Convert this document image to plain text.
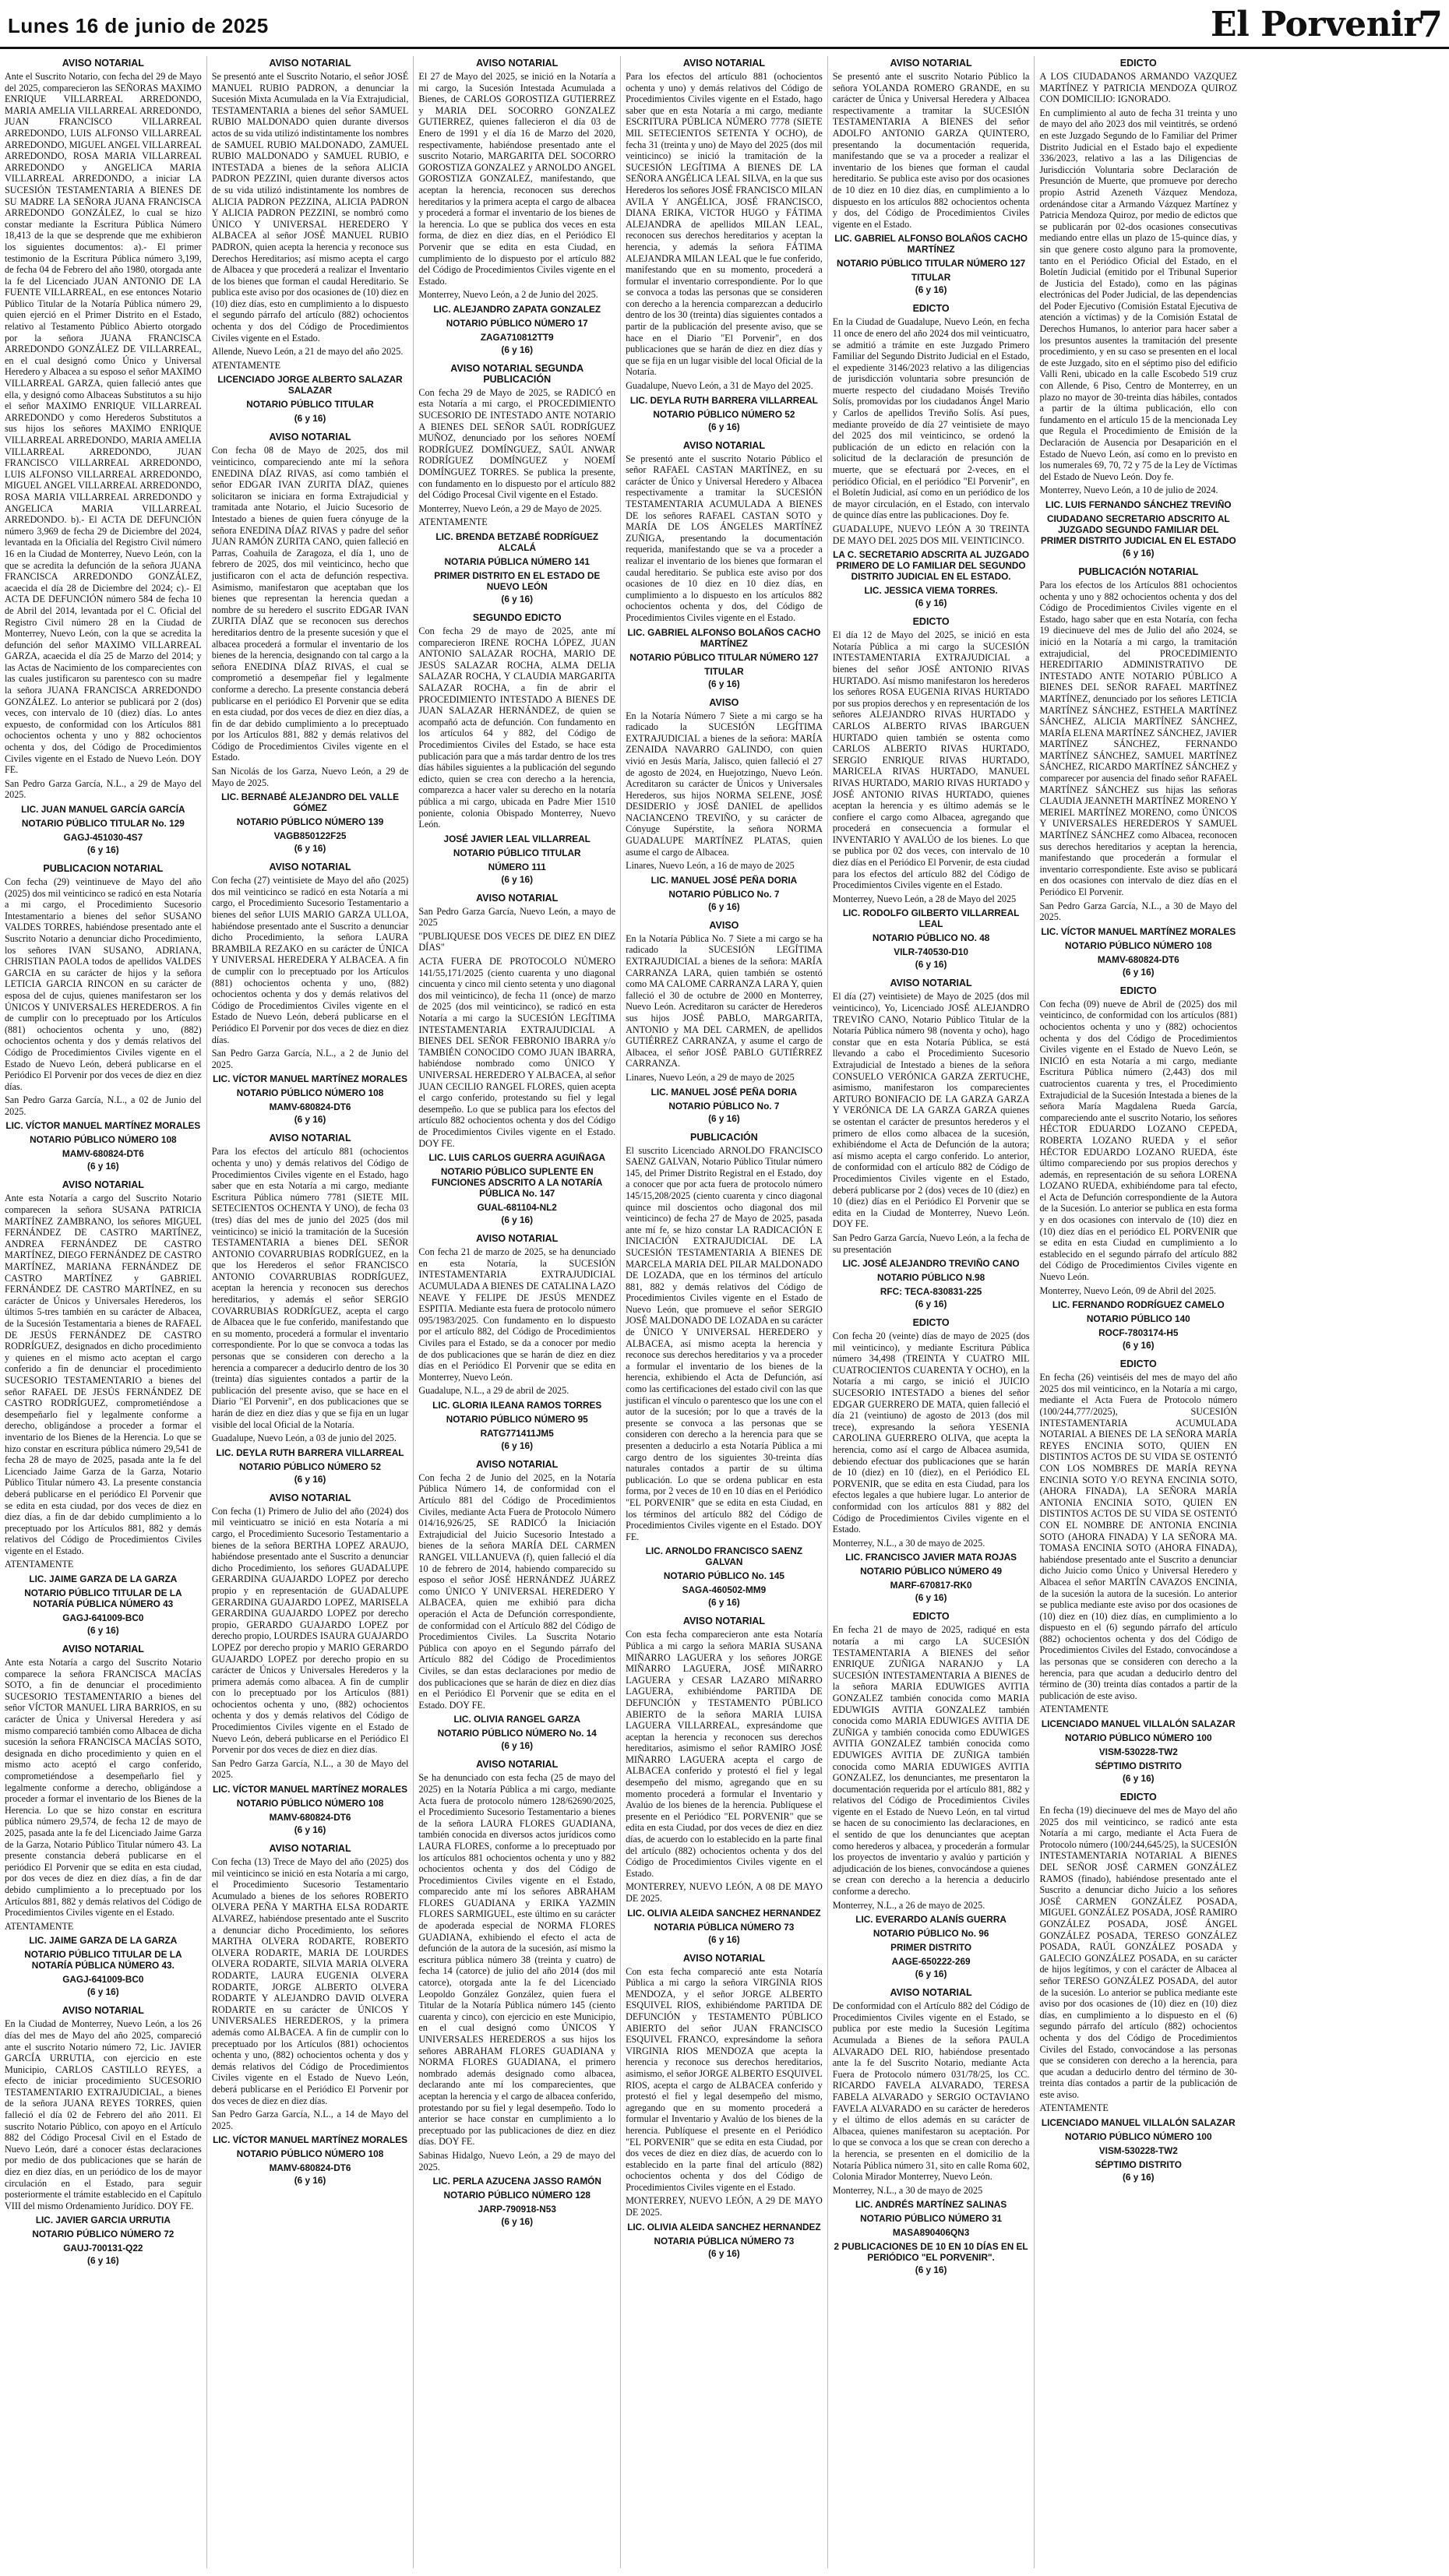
Lunes 16 de junio de 2025	El Porvenir
7
AVISO NOTARIAL

Ante el Suscrito Notario, con fecha del 29 de Mayo del 2025, comparecieron las SEÑORAS MAXIMO ENRIQUE VILLARREAL ARREDONDO, MARIA AMELIA VILLARREAL ARREDONDO, JUAN FRANCISCO VILLARREAL ARREDONDO, LUIS ALFONSO VILLARREAL ARREDONDO, MIGUEL ANGEL VILLARREAL ARREDONDO, ROSA MARIA VILLARREAL ARREDONDO y ANGELICA MARIA VILLARREAL ARREDONDO, a iniciar LA SUCESIÓN TESTAMENTARIA A BIENES DE SU MADRE LA SEÑORA JUANA FRANCISCA ARREDONDO GONZÁLEZ, lo cual se hizo constar mediante la Escritura Pública Número 18,413 de la que se desprende que me exhibieron los siguientes documentos: a).- El primer testimonio de la Escritura Pública número 3,199, de fecha 04 de Febrero del año 1980, otorgada ante la fe del Licenciado JUAN ANTONIO DE LA FUENTE VILLARREAL, en ese entonces Notario Público Titular de la Notaría Pública número 29, quien ejerció en el Primer Distrito en el Estado, relativo al Testamento Público Abierto otorgado por la señora JUANA FRANCISCA ARREDONDO GONZÁLEZ DE VILLARREAL, en el cual designó como Único y Universal Heredero y Albacea a su esposo el señor MAXIMO VILLARREAL GARZA, quien falleció antes que ella, y designó como Albaceas Substitutos a su hijo el señor MAXIMO ENRIQUE VILLARREAL ARREDONDO y como Herederos Substitutos a sus hijos los señores MAXIMO ENRIQUE VILLARREAL ARREDONDO, MARIA AMELIA VILLARREAL ARREDONDO, JUAN FRANCISCO VILLARREAL ARREDONDO, LUIS ALFONSO VILLARREAL ARREDONDO, MIGUEL ANGEL VILLARREAL ARREDONDO, ROSA MARIA VILLARREAL ARREDONDO y ANGELICA MARIA VILLARREAL ARREDONDO. b).- El ACTA DE DEFUNCIÓN número 3,969 de fecha 29 de Diciembre del 2024, levantada en la Oficialía del Registro Civil número 16 en la Ciudad de Monterrey, Nuevo León, con la que se acredita la defunción de la señora JUANA FRANCISCA ARREDONDO GONZÁLEZ, acaecida el día 28 de Diciembre del 2024; c).- El ACTA DE DEFUNCIÓN número 584 de fecha 10 de Abril del 2014, levantada por el C. Oficial del Registro Civil número 28 en la Ciudad de Monterrey, Nuevo León, con la que se acredita la defunción del señor MAXIMO VILLARREAL GARZA, acaecida el día 25 de Marzo del 2014; y las Actas de Nacimiento de los comparecientes con las cuales justificaron su parentesco con su madre la señora JUANA FRANCISCA ARREDONDO GONZÁLEZ. Lo anterior se publicará por 2 (dos) veces, con intervalo de 10 (diez) días. Lo antes expuesto, de conformidad con los Artículos 881 ochocientos ochenta y uno y 882 ochocientos ochenta y dos, del Código de Procedimientos Civiles vigente en el Estado de Nuevo León. DOY FE.

San Pedro Garza García, N.L., a 29 de Mayo del 2025.

LIC. JUAN MANUEL GARCÍA GARCÍA
NOTARIO PÚBLICO TITULAR No. 129
GAGJ-451030-4S7
(6 y 16)
PUBLICACION NOTARIAL

Con fecha (29) veintinueve de Mayo del año (2025) dos mil veinticinco se radicó en esta Notaría a mi cargo, el Procedimiento Sucesorio Intestamentario a bienes del señor SUSANO VALDES TORRES, habiéndose presentado ante el Suscrito Notario a denunciar dicho Procedimiento, los señores IVAN SUSANO, ADRIANA, CHRISTIAN PAOLA todos de apellidos VALDES GARCIA en su carácter de hijos y la señora LETICIA GARCIA RINCON en su carácter de esposa del de cujus, quienes manifestaron ser los ÚNICOS Y UNIVERSALES HEREDEROS. A fin de cumplir con lo preceptuado por los Artículos (881) ochocientos ochenta y uno, (882) ochocientos ochenta y dos y demás relativos del Código de Procedimientos Civiles vigente en el Estado de Nuevo León, deberá publicarse en el Periódico El Porvenir por dos veces de diez en diez días.

San Pedro Garza García, N.L., a 02 de Junio del 2025.

LIC. VÍCTOR MANUEL MARTÍNEZ MORALES
NOTARIO PÚBLICO NÚMERO 108
MAMV-680824-DT6
(6 y 16)
AVISO NOTARIAL

Ante esta Notaría a cargo del Suscrito Notario comparecen la señora SUSANA PATRICIA MARTÍNEZ ZAMBRANO, los señores MIGUEL FERNÁNDEZ DE CASTRO MARTÍNEZ, ANDREA FERNÁNDEZ DE CASTRO MARTÍNEZ, DIEGO FERNÁNDEZ DE CASTRO MARTÍNEZ, MARIANA FERNÁNDEZ DE CASTRO MARTÍNEZ y GABRIEL FERNÁNDEZ DE CASTRO MARTÍNEZ, en su carácter de Únicos y Universales Herederos, los últimos 5-tres también en su carácter de Albacea, de la Sucesión Testamentaria a bienes de RAFAEL DE JESÚS FERNÁNDEZ DE CASTRO RODRÍGUEZ, designados en dicho procedimiento y quienes en el mismo acto aceptan el cargo conferido a fin de denunciar el procedimiento SUCESORIO TESTAMENTARIO a bienes del señor RAFAEL DE JESÚS FERNÁNDEZ DE CASTRO RODRÍGUEZ, comprometiéndose a desempeñarlo fiel y legalmente conforme a derecho, obligándose a proceder a formar el inventario de los Bienes de la Herencia. Lo que se hizo constar en escritura pública número 29,541 de fecha 28 de mayo de 2025, pasada ante la fe del Licenciado Jaime Garza de la Garza, Notario Público Titular número 43. La presente constancia deberá publicarse en el periódico El Porvenir que se edita en esta ciudad, por dos veces de diez en diez días, a fin de dar debido cumplimiento a lo preceptuado por los Artículos 881, 882 y demás relativos del Código de Procedimientos Civiles vigente en el Estado.

ATENTAMENTE

LIC. JAIME GARZA DE LA GARZA
NOTARIO PÚBLICO TITULAR DE LA NOTARÍA PÚBLICA NÚMERO 43
GAGJ-641009-BC0
(6 y 16)
AVISO NOTARIAL

Ante esta Notaría a cargo del Suscrito Notario comparece la señora FRANCISCA MACÍAS SOTO, a fin de denunciar el procedimiento SUCESORIO TESTAMENTARIO a bienes del señor VÍCTOR MANUEL LIRA BARRIOS, en su carácter de Única y Universal Heredera y así mismo compareció también como Albacea de dicha sucesión la señora FRANCISCA MACÍAS SOTO, designada en dicho procedimiento y quien en el mismo acto aceptó el cargo conferido, comprometiéndose a desempeñarlo fiel y legalmente conforme a derecho, obligándose a proceder a formar el inventario de los Bienes de la Herencia. Lo que se hizo constar en escritura pública número 29,574, de fecha 12 de mayo de 2025, pasada ante la fe del Licenciado Jaime Garza de la Garza, Notario Público Titular número 43. La presente constancia deberá publicarse en el periódico El Porvenir que se edita en esta ciudad, por dos veces de diez en diez días, a fin de dar debido cumplimiento a lo preceptuado por los Artículos 881, 882 y demás relativos del Código de Procedimientos Civiles vigente en el Estado.

ATENTAMENTE

LIC. JAIME GARZA DE LA GARZA
NOTARIO PÚBLICO TITULAR DE LA NOTARÍA PÚBLICA NÚMERO 43.
GAGJ-641009-BC0
(6 y 16)
AVISO NOTARIAL

En la Ciudad de Monterrey, Nuevo León, a los 26 días del mes de Mayo del año 2025, compareció ante el suscrito Notario número 72, Lic. JAVIER GARCÍA URRUTIA, con ejercicio en este Municipio, CARLOS CASTILLO REYES, a efecto de iniciar procedimiento SUCESORIO TESTAMENTARIO EXTRAJUDICIAL, a bienes de la señora JUANA REYES TORRES, quien falleció el día 02 de Febrero del año 2011. El suscrito Notario Público, con apoyo en el Artículo 882 del Código Procesal Civil en el Estado de Nuevo León, daré a conocer éstas declaraciones por medio de dos publicaciones que se harán de diez en diez días, en un periódico de los de mayor circulación en el Estado, para seguir posteriormente el trámite establecido en el Capítulo VIII del mismo Ordenamiento Jurídico. DOY FE.

LIC. JAVIER GARCIA URRUTIA
NOTARIO PÚBLICO NÚMERO 72
GAUJ-700131-Q22
(6 y 16)
AVISO NOTARIAL

Se presentó ante el Suscrito Notario, el señor JOSÉ MANUEL RUBIO PADRON, a denunciar la Sucesión Mixta Acumulada en la Vía Extrajudicial, TESTAMENTARIA a bienes del señor SAMUEL RUBIO MALDONADO quien durante diversos actos de su vida utilizó indistintamente los nombres de SAMUEL RUBIO MALDONADO, ZAMUEL RUBIO MALDONADO y SAMUEL RUBIO, e INTESTADA a bienes de la señora ALICIA PADRON PEZZINI, quien durante diversos actos de su vida utilizó indistintamente los nombres de ALICIA PADRON PEZZINA, ALICIA PADRON Y ALICIA PADRON PEZZINI, se nombró como ÚNICO Y UNIVERSAL HEREDERO Y ALBACEA al señor JOSÉ MANUEL RUBIO PADRON, quien acepta la herencia y reconoce sus Derechos Hereditarios; así mismo acepta el cargo de Albacea y que procederá a realizar el Inventario de los bienes que forman el caudal Hereditario. Se publica este aviso por dos ocasiones de (10) diez en (10) diez días, esto en cumplimiento a lo dispuesto el segundo párrafo del artículo (882) ochocientos ochenta y dos del Código de Procedimientos Civiles vigente en el Estado.

Allende, Nuevo León, a 21 de mayo del año 2025.

ATENTAMENTE

LICENCIADO JORGE ALBERTO SALAZAR SALAZAR
NOTARIO PÚBLICO TITULAR
(6 y 16)
AVISO NOTARIAL

Con fecha 08 de Mayo de 2025, dos mil veinticinco, compareciendo ante mí la señora ENEDINA DÍAZ RIVAS, así como también el señor EDGAR IVAN ZURITA DÍAZ, quienes solicitaron se iniciara en forma Extrajudicial y tramitada ante Notario, el Juicio Sucesorio de Intestado a bienes de quien fuera cónyuge de la señora ENEDINA DÍAZ RIVAS y padre del señor JUAN RAMÓN ZURITA CANO, quien falleció en Parras, Coahuila de Zaragoza, el día 1, uno de febrero de 2025, dos mil veinticinco, hecho que justificaron con el acta de defunción respectiva. Asimismo, manifestaron que aceptaban que los bienes que representan la herencia quedan a nombre de su heredero el suscrito EDGAR IVAN ZURITA DÍAZ que se reconocen sus derechos hereditarios dentro de la presente sucesión y que el albacea procederá a formular el inventario de los bienes de la herencia, designando con tal cargo a la señora ENEDINA DÍAZ RIVAS, el cual se comprometió a desempeñar fiel y legalmente conforme a derecho. La presente constancia deberá publicarse en el periódico El Porvenir que se edita en esta ciudad, por dos veces de diez en diez días, a fin de dar debido cumplimiento a lo preceptuado por los Artículos 881, 882 y demás relativos del Código de Procedimientos Civiles vigente en el Estado.

San Nicolás de los Garza, Nuevo León, a 29 de Mayo de 2025.

LIC. BERNABÉ ALEJANDRO DEL VALLE GÓMEZ
NOTARIO PÚBLICO NÚMERO 139
VAGB850122F25
(6 y 16)
AVISO NOTARIAL

Con fecha (27) veintisiete de Mayo del año (2025) dos mil veinticinco se radicó en esta Notaría a mi cargo, el Procedimiento Sucesorio Testamentario a bienes del señor LUIS MARIO GARZA ULLOA, habiéndose presentado ante el Suscrito a denunciar dicho Procedimiento, la señora LAURA BRAMBILA REZAKO en su carácter de ÚNICA Y UNIVERSAL HEREDERA Y ALBACEA. A fin de cumplir con lo preceptuado por los Artículos (881) ochocientos ochenta y uno, (882) ochocientos ochenta y dos y demás relativos del Código de Procedimientos Civiles vigente en el Estado de Nuevo León, deberá publicarse en el Periódico El Porvenir por dos veces de diez en diez días.

San Pedro Garza García, N.L., a 2 de Junio del 2025.

LIC. VÍCTOR MANUEL MARTÍNEZ MORALES
NOTARIO PÚBLICO NÚMERO 108
MAMV-680824-DT6
(6 y 16)
AVISO NOTARIAL

Para los efectos del artículo 881 (ochocientos ochenta y uno) y demás relativos del Código de Procedimientos Civiles vigente en el Estado, hago saber que en esta Notaría a mi cargo, mediante Escritura Pública número 7781 (SIETE MIL SETECIENTOS OCHENTA Y UNO), de fecha 03 (tres) días del mes de junio del 2025 (dos mil veinticinco) se inició la tramitación de la Sucesión TESTAMENTARIA a bienes DEL SEÑOR ANTONIO COVARRUBIAS RODRÍGUEZ, en la que los Herederos el señor FRANCISCO ANTONIO COVARRUBIAS RODRÍGUEZ, aceptan la herencia y reconocen sus derechos hereditarios, y además el señor SERGIO COVARRUBIAS RODRÍGUEZ, acepta el cargo de Albacea que le fue conferido, manifestando que en su momento, procederá a formular el inventario correspondiente. Por lo que se convoca a todas las personas que se consideren con derecho a la herencia a comparecer a deducirlo dentro de los 30 (treinta) días siguientes contados a partir de la publicación del presente aviso, que se hace en el Diario "El Porvenir", en dos publicaciones que se harán de diez en diez días y que se fija en un lugar visible del local Oficial de la Notaría.

Guadalupe, Nuevo León, a 03 de junio del 2025.

LIC. DEYLA RUTH BARRERA VILLARREAL
NOTARIO PÚBLICO NÚMERO 52
(6 y 16)
AVISO NOTARIAL

Con fecha (1) Primero de Julio del año (2024) dos mil veinticuatro se inició en esta Notaría a mi cargo, el Procedimiento Sucesorio Testamentario a bienes de la señora BERTHA LOPEZ ARAUJO, habiéndose presentado ante el Suscrito a denunciar dicho Procedimiento, los señores GUADALUPE GERARDINA GUAJARDO LOPEZ por derecho propio y en representación de GUADALUPE GERARDINA GUAJARDO LOPEZ, MARISELA GERARDINA GUAJARDO LOPEZ por derecho propio, GERARDO GUAJARDO LOPEZ por derecho propio, LOURDES ISAURA GUAJARDO LOPEZ por derecho propio y MARIO GERARDO GUAJARDO LOPEZ por derecho propio en su carácter de Únicos y Universales Herederos y la primera además como albacea. A fin de cumplir con lo preceptuado por los Artículos (881) ochocientos ochenta y uno, (882) ochocientos ochenta y dos y demás relativos del Código de Procedimientos Civiles vigente en el Estado de Nuevo León, deberá publicarse en el Periódico El Porvenir por dos veces de diez en diez días.

San Pedro Garza García, N.L., a 30 de Mayo del 2025.

LIC. VÍCTOR MANUEL MARTÍNEZ MORALES
NOTARIO PÚBLICO NÚMERO 108
MAMV-680824-DT6
(6 y 16)
AVISO NOTARIAL

Con fecha (13) Trece de Mayo del año (2025) dos mil veinticinco se inició en esta Notaría a mi cargo, el Procedimiento Sucesorio Testamentario Acumulado a bienes de los señores ROBERTO OLVERA PEÑA Y MARTHA ELSA RODARTE ALVAREZ, habiéndose presentado ante el Suscrito a denunciar dicho Procedimiento, los señores MARTHA OLVERA RODARTE, ROBERTO OLVERA RODARTE, MARIA DE LOURDES OLVERA RODARTE, SILVIA MARIA OLVERA RODARTE, LAURA EUGENIA OLVERA RODARTE, JORGE ALBERTO OLVERA RODARTE Y ALEJANDRO DAVID OLVERA RODARTE en su carácter de ÚNICOS Y UNIVERSALES HEREDEROS, y la primera además como ALBACEA. A fin de cumplir con lo preceptuado por los Artículos (881) ochocientos ochenta y uno, (882) ochocientos ochenta y dos y demás relativos del Código de Procedimientos Civiles vigente en el Estado de Nuevo León, deberá publicarse en el Periódico El Porvenir por dos veces de diez en diez días.

San Pedro Garza García, N.L., a 14 de Mayo del 2025.

LIC. VÍCTOR MANUEL MARTÍNEZ MORALES
NOTARIO PÚBLICO NÚMERO 108
MAMV-680824-DT6
(6 y 16)
AVISO NOTARIAL

El 27 de Mayo del 2025, se inició en la Notaría a mi cargo, la Sucesión Intestada Acumulada a Bienes, de CARLOS GOROSTIZA GUTIERREZ y MARIA DEL SOCORRO GONZALEZ GUTIERREZ, quienes fallecieron el día 03 de Enero de 1991 y el día 16 de Marzo del 2020, respectivamente, habiéndose presentado ante el suscrito Notario, MARGARITA DEL SOCORRO GOROSTIZA GONZALEZ y ARNOLDO ANGEL GOROSTIZA GONZALEZ, manifestando, que aceptan la herencia, reconocen sus derechos hereditarios y la primera acepta el cargo de albacea y procederá a formar el inventario de los bienes de la herencia. Lo que se publica dos veces en esta forma, de diez en diez días, en el Periódico El Porvenir que se edita en esta Ciudad, en cumplimiento de lo dispuesto por el artículo 882 del Código de Procedimientos Civiles vigente en el Estado.

Monterrey, Nuevo León, a 2 de Junio del 2025.

LIC. ALEJANDRO ZAPATA GONZALEZ
NOTARIO PÚBLICO NÚMERO 17
ZAGA710812TT9
(6 y 16)
AVISO NOTARIAL SEGUNDA PUBLICACIÓN

Con fecha 29 de Mayo de 2025, se RADICÓ en esta Notaría a mi cargo, el PROCEDIMIENTO SUCESORIO DE INTESTADO ANTE NOTARIO A BIENES DEL SEÑOR SAÚL RODRÍGUEZ MUÑOZ, denunciado por los señores NOEMÍ RODRÍGUEZ DOMÍNGUEZ, SAÚL ANWAR RODRÍGUEZ DOMÍNGUEZ y NOEMÍ DOMÍNGUEZ TORRES. Se publica la presente, con fundamento en lo dispuesto por el artículo 882 del Código Procesal Civil vigente en el Estado.

Monterrey, Nuevo León, a 29 de Mayo de 2025.

ATENTAMENTE

LIC. BRENDA BETZABÉ RODRÍGUEZ ALCALÁ
NOTARIA PÚBLICA NÚMERO 141
PRIMER DISTRITO EN EL ESTADO DE NUEVO LEÓN
(6 y 16)
SEGUNDO EDICTO

Con fecha 29 de mayo de 2025, ante mí comparecieron IRENE ROCHA LÓPEZ, JUAN ANTONIO SALAZAR ROCHA, MARIO DE JESÚS SALAZAR ROCHA, ALMA DELIA SALAZAR ROCHA, Y CLAUDIA MARGARITA SALAZAR ROCHA, a fin de abrir el PROCEDIMIENTO INTESTADO A BIENES DE JUAN SALAZAR HERNÁNDEZ, de quien se acompañó acta de defunción. Con fundamento en los artículos 64 y 882, del Código de Procedimientos Civiles del Estado, se hace esta publicación para que a más tardar dentro de los tres días hábiles siguientes a la publicación del segundo edicto, quien se crea con derecho a la herencia, comparezca a hacer valer su derecho en la notaría pública a mi cargo, ubicada en Padre Mier 1510 poniente, colonia Obispado Monterrey, Nuevo León.

JOSÉ JAVIER LEAL VILLARREAL
NOTARIO PÚBLICO TITULAR
NÚMERO 111
(6 y 16)
AVISO NOTARIAL

San Pedro Garza García, Nuevo León, a mayo de 2025

"PUBLIQUESE DOS VECES DE DIEZ EN DIEZ DÍAS"

ACTA FUERA DE PROTOCOLO NÚMERO 141/55,171/2025 (ciento cuarenta y uno diagonal cincuenta y cinco mil ciento setenta y uno diagonal dos mil veinticinco), de fecha 11 (once) de marzo de 2025 (dos mil veinticinco), se radicó en esta Notaría a mi cargo la SUCESIÓN LEGÍTIMA INTESTAMENTARIA EXTRAJUDICIAL A BIENES DEL SEÑOR FEBRONIO IBARRA y/o TAMBIÉN CONOCIDO COMO JUAN IBARRA, habiéndose nombrado como ÚNICO Y UNIVERSAL HEREDERO Y ALBACEA, al señor JUAN CECILIO RANGEL FLORES, quien acepta el cargo conferido, protestando su fiel y legal desempeño. Lo que se publica para los efectos del artículo 882 ochocientos ochenta y dos del Código de Procedimientos Civiles vigente en el Estado. DOY FE.

LIC. LUIS CARLOS GUERRA AGUIÑAGA
NOTARIO PÚBLICO SUPLENTE EN FUNCIONES ADSCRITO A LA NOTARÍA PÚBLICA No. 147
GUAL-681104-NL2
(6 y 16)
AVISO NOTARIAL

Con fecha 21 de marzo de 2025, se ha denunciado en esta Notaría, la SUCESIÓN INTESTAMENTARIA EXTRAJUDICIAL ACUMULADA A BIENES DE CATALINA LAZO NEAVE Y FELIPE DE JESÚS MENDEZ ESPITIA. Mediante esta fuera de protocolo número 095/1983/2025. Con fundamento en lo dispuesto por el artículo 882, del Código de Procedimientos Civiles para el Estado, se da a conocer por medio de dos publicaciones que se harán de diez en diez días en el Periódico El Porvenir que se edita en Monterrey, Nuevo León.

Guadalupe, N.L., a 29 de abril de 2025.

LIC. GLORIA ILEANA RAMOS TORRES
NOTARIO PÚBLICO NÚMERO 95
RATG771411JM5
(6 y 16)
AVISO NOTARIAL

Con fecha 2 de Junio del 2025, en la Notaría Pública Número 14, de conformidad con el Artículo 881 del Código de Procedimientos Civiles, mediante Acta Fuera de Protocolo Número 014/16,926/25, SE RADICÓ la Iniciación Extrajudicial del Juicio Sucesorio Intestado a bienes de la señora MARÍA DEL CARMEN RANGEL VILLANUEVA (f), quien falleció el día 10 de febrero de 2014, habiendo comparecido su esposo el señor JOSÉ HERNÁNDEZ JUÁREZ como ÚNICO Y UNIVERSAL HEREDERO Y ALBACEA, quien me exhibió para dicha operación el Acta de Defunción correspondiente, de conformidad con el Artículo 882 del Código de Procedimientos Civiles. La Suscrita Notario Pública con apoyo en el Segundo párrafo del Artículo 882 del Código de Procedimientos Civiles, se dan estas declaraciones por medio de dos publicaciones que se harán de diez en diez días en el Periódico El Porvenir que se edita en el Estado. DOY FE.

LIC. OLIVIA RANGEL GARZA
NOTARIO PÚBLICO NÚMERO No. 14
(6 y 16)
AVISO NOTARIAL

Se ha denunciado con esta fecha (25 de mayo del 2025) en la Notaría Pública a mi cargo, mediante Acta fuera de protocolo número 128/62690/2025, el Procedimiento Sucesorio Testamentario a bienes de la señora LAURA FLORES GUADIANA, también conocida en diversos actos jurídicos como LAURA FLORES, conforme a lo preceptuado por los artículos 881 ochocientos ochenta y uno y 882 ochocientos ochenta y dos del Código de Procedimientos Civiles vigente en el Estado, comparecido ante mí los señores ABRAHAM FLORES GUADIANA y ERIKA YAZMIN FLORES SARMIGUEL, este último en su carácter de apoderada especial de NORMA FLORES GUADIANA, exhibiendo el efecto el acta de defunción de la autora de la sucesión, así mismo la escritura pública número 38 (treinta y cuatro) de fecha 14 (catorce) de julio del año 2014 (dos mil catorce), otorgada ante la fe del Licenciado Leopoldo González González, quien fuera el Titular de la Notaría Pública número 145 (ciento cuarenta y cinco), con ejercicio en este Municipio, en el cual designó como ÚNICOS Y UNIVERSALES HEREDEROS a sus hijos los señores ABRAHAM FLORES GUADIANA y NORMA FLORES GUADIANA, el primero nombrado además designado como albacea, declarando ante mí los comparecientes, que aceptan la herencia y el cargo de albacea conferido, protestando por su fiel y legal desempeño. Todo lo anterior se hace constar en cumplimiento a lo preceptuado por las publicaciones de diez en diez días. DOY FE.

Sabinas Hidalgo, Nuevo León, a 29 de mayo del 2025.

LIC. PERLA AZUCENA JASSO RAMÓN
NOTARIO PÚBLICO NÚMERO 128
JARP-790918-N53
(6 y 16)
AVISO NOTARIAL

Para los efectos del artículo 881 (ochocientos ochenta y uno) y demás relativos del Código de Procedimientos Civiles vigente en el Estado, hago saber que en esta Notaría a mi cargo, mediante ESCRITURA PÚBLICA NÚMERO 7778 (SIETE MIL SETECIENTOS SETENTA Y OCHO), de fecha 31 (treinta y uno) de Mayo del 2025 (dos mil veinticinco) se inició la tramitación de la SUCESIÓN LEGÍTIMA A BIENES DE LA SEÑORA ANGÉLICA LEAL SILVA, en la que sus Herederos los señores JOSÉ FRANCISCO MILAN AVILA Y ANGÉLICA, JOSÉ FRANCISCO, DIANA ERIKA, VICTOR HUGO y FÁTIMA ALEJANDRA de apellidos MILAN LEAL, reconocen sus derechos hereditarios y aceptan la herencia, y además la señora FÁTIMA ALEJANDRA MILAN LEAL que le fue conferido, manifestando que en su momento, procederá a formular el inventario correspondiente. Por lo que se convoca a todas las personas que se consideren con derecho a la herencia comparezcan a deducirlo dentro de los 30 (treinta) días siguientes contados a partir de la publicación del presente aviso, que se hace en el Diario "El Porvenir", en dos publicaciones que se harán de diez en diez días y que se fija en un lugar visible del local Oficial de la Notaría.

Guadalupe, Nuevo León, a 31 de Mayo del 2025.

LIC. DEYLA RUTH BARRERA VILLARREAL
NOTARIO PÚBLICO NÚMERO 52
(6 y 16)
AVISO NOTARIAL

Se presentó ante el suscrito Notario Público el señor RAFAEL CASTAN MARTÍNEZ, en su carácter de Único y Universal Heredero y Albacea respectivamente a tramitar la SUCESIÓN TESTAMENTARIA ACUMULADA A BIENES DE los señores RAFAEL CASTAN SOTO y MARÍA DE LOS ÁNGELES MARTÍNEZ ZUÑIGA, presentando la documentación requerida, manifestando que se va a proceder a realizar el inventario de los bienes que formaran el caudal hereditario. Se publica este aviso por dos ocasiones de 10 diez en 10 diez días, en cumplimiento a lo dispuesto en los artículos 882 ochocientos ochenta y dos, del Código de Procedimientos Civiles vigente en el Estado.

LIC. GABRIEL ALFONSO BOLAÑOS CACHO MARTÍNEZ
NOTARIO PÚBLICO TITULAR NÚMERO 127
TITULAR
(6 y 16)
AVISO

En la Notaría Número 7 Siete a mi cargo se ha radicado la SUCESIÓN LEGÍTIMA EXTRAJUDICIAL a bienes de la señora: MARÍA ZENAIDA NAVARRO GALINDO, con quien vivió en Jesús María, Jalisco, quien falleció el 27 de agosto de 2024, en Huejotzingo, Nuevo León. Acreditaron su carácter de Únicos y Universales Herederos, sus hijos NORMA SELENE, JOSÉ DESIDERIO y JOSÉ DANIEL de apellidos NACIANCENO TREVIÑO, y su carácter de Cónyuge Supérstite, la señora NORMA GUADALUPE MARTÍNEZ PLATAS, quien asume el cargo de Albacea.

Linares, Nuevo León, a 16 de mayo de 2025

LIC. MANUEL JOSÉ PEÑA DORIA
NOTARIO PÚBLICO No. 7
(6 y 16)
AVISO

En la Notaría Pública No. 7 Siete a mi cargo se ha radicado la SUCESIÓN LEGÍTIMA EXTRAJUDICIAL a bienes de la señora: MARÍA CARRANZA LARA, quien también se ostentó como MA CALOME CARRANZA LARA Y, quien falleció el 30 de octubre de 2000 en Monterrey, Nuevo León. Acreditaron su carácter de Herederos sus hijos JOSÉ PABLO, MARGARITA, ANTONIO y MA DEL CARMEN, de apellidos GUTIÉRREZ CARRANZA, y asume el cargo de Albacea, el señor JOSÉ PABLO GUTIÉRREZ CARRANZA.

Linares, Nuevo León, a 29 de mayo de 2025

LIC. MANUEL JOSÉ PEÑA DORIA
NOTARIO PÚBLICO No. 7
(6 y 16)
PUBLICACIÓN

El suscrito Licenciado ARNOLDO FRANCISCO SAENZ GALVAN, Notario Público Titular número 145, del Primer Distrito Registral en el Estado, doy a conocer que por acta fuera de protocolo número 145/15,208/2025 (ciento cuarenta y cinco diagonal quince mil doscientos ocho diagonal dos mil veinticinco) de fecha 27 de Mayo de 2025, pasada ante mí fe, se hizo constar LA RADICACIÓN E INICIACIÓN EXTRAJUDICIAL DE LA SUCESIÓN TESTAMENTARIA A BIENES DE MARCELA MARIA DEL PILAR MALDONADO DE LOZADA, que en los términos del artículo 881, 882 y demás relativos del Código de Procedimientos Civiles vigente en el Estado de Nuevo León, que promueve el señor SERGIO JOSÉ MALDONADO DE LOZADA en su carácter de ÚNICO Y UNIVERSAL HEREDERO y ALBACEA, así mismo acepta la herencia y reconoce sus derechos hereditarios y va a proceder a formular el inventario de los bienes de la herencia, exhibiendo el Acta de Defunción, así como las certificaciones del estado civil con las que justifican el vínculo o parentesco que los une con el autor de la sucesión; por lo que a través de la presente se convoca a las personas que se consideren con derecho a la herencia para que se presenten a deducirlo a esta Notaría Pública a mi cargo dentro de los siguientes 30-treinta días naturales contados a partir de su última publicación. Lo que se ordena publicar en esta forma, por 2 veces de 10 en 10 días en el Periódico "EL PORVENIR" que se edita en esta Ciudad, en los términos del artículo 882 del Código de Procedimientos Civiles vigente en el Estado. DOY FE.

LIC. ARNOLDO FRANCISCO SAENZ GALVAN
NOTARIO PÚBLICO No. 145
SAGA-460502-MM9
(6 y 16)
AVISO NOTARIAL

Con esta fecha comparecieron ante esta Notaría Pública a mi cargo la señora MARIA SUSANA MIÑARRO LAGUERA y los señores JORGE MIÑARRO LAGUERA, JOSÉ MIÑARRO LAGUERA y CESAR LAZARO MIÑARRO LAGUERA, exhibiéndome PARTIDA DE DEFUNCIÓN y TESTAMENTO PÚBLICO ABIERTO de la señora MARIA LUISA LAGUERA VILLARREAL, expresándome que aceptan la herencia y reconocen sus derechos hereditarios, asimismo el señor RAMIRO JOSÉ MIÑARRO LAGUERA acepta el cargo de ALBACEA conferido y protestó el fiel y legal desempeño del mismo, agregando que en su momento procederá a formular el Inventario y Avalúo de los bienes de la herencia. Publíquese el presente en el Periódico "EL PORVENIR" que se edita en esta Ciudad, por dos veces de diez en diez días, de acuerdo con lo establecido en la parte final del artículo (882) ochocientos ochenta y dos del Código de Procedimientos Civiles vigente en el Estado.

MONTERREY, NUEVO LEÓN, A 08 DE MAYO DE 2025.

LIC. OLIVIA ALEIDA SANCHEZ HERNANDEZ
NOTARIA PÚBLICA NÚMERO 73
(6 y 16)
AVISO NOTARIAL

Con esta fecha compareció ante esta Notaría Pública a mi cargo la señora VIRGINIA RIOS MENDOZA, y el señor JORGE ALBERTO ESQUIVEL RIOS, exhibiéndome PARTIDA DE DEFUNCIÓN y TESTAMENTO PÚBLICO ABIERTO del señor JUAN FRANCISCO ESQUIVEL FRANCO, expresándome la señora VIRGINIA RIOS MENDOZA que acepta la herencia y reconoce sus derechos hereditarios, asimismo, el señor JORGE ALBERTO ESQUIVEL RIOS, acepta el cargo de ALBACEA conferido y protestó el fiel y legal desempeño del mismo, agregando que en su momento procederá a formular el Inventario y Avalúo de los bienes de la herencia. Publíquese el presente en el Periódico "EL PORVENIR" que se edita en esta Ciudad, por dos veces de diez en diez días, de acuerdo con lo establecido en la parte final del artículo (882) ochocientos ochenta y dos del Código de Procedimientos Civiles vigente en el Estado.

MONTERREY, NUEVO LEÓN, A 29 DE MAYO DE 2025.

LIC. OLIVIA ALEIDA SANCHEZ HERNANDEZ
NOTARIA PÚBLICA NÚMERO 73
(6 y 16)
AVISO NOTARIAL

Se presentó ante el suscrito Notario Público la señora YOLANDA ROMERO GRANDE, en su carácter de Única y Universal Heredera y Albacea respectivamente a tramitar la SUCESIÓN TESTAMENTARIA A BIENES del señor ADOLFO ANTONIO GARZA QUINTERO, presentando la documentación requerida, manifestando que se va a proceder a realizar el inventario de los bienes que forman el caudal hereditario. Se publica este aviso por dos ocasiones de 10 diez en 10 diez días, en cumplimiento a lo dispuesto en los artículos 882 ochocientos ochenta y dos, del Código de Procedimientos Civiles vigente en el Estado.

LIC. GABRIEL ALFONSO BOLAÑOS CACHO MARTÍNEZ
NOTARIO PÚBLICO TITULAR NÚMERO 127
TITULAR
(6 y 16)
EDICTO

En la Ciudad de Guadalupe, Nuevo León, en fecha 11 once de enero del año 2024 dos mil veinticuatro, se admitió a trámite en este Juzgado Primero Familiar del Segundo Distrito Judicial en el Estado, el expediente 3146/2023 relativo a las diligencias de jurisdicción voluntaria sobre presunción de muerte respecto del ciudadano Moisés Treviño Solís, promovidas por los ciudadanos Ángel Mario y Carlos de apellidos Treviño Solís. Así pues, mediante proveído de día 27 veintisiete de mayo del 2025 dos mil veinticinco, se ordenó la publicación de un edicto en relación con la solicitud de la declaración de presunción de muerte, que se efectuará por 2-veces, en el periódico Oficial, en el periódico "El Porvenir", en el Boletín Judicial, así como en un periódico de los de mayor circulación, en el Estado, con intervalo de quince días entre las publicaciones. Doy fe.

GUADALUPE, NUEVO LEÓN A 30 TREINTA DE MAYO DEL 2025 DOS MIL VEINTICINCO.

LA C. SECRETARIO ADSCRITA AL JUZGADO PRIMERO DE LO FAMILIAR DEL SEGUNDO DISTRITO JUDICIAL EN EL ESTADO.
LIC. JESSICA VIEMA TORRES.
(6 y 16)
EDICTO

El día 12 de Mayo del 2025, se inició en esta Notaría Pública a mi cargo la SUCESIÓN INTESTAMENTARIA EXTRAJUDICIAL a bienes del señor JOSÉ ANTONIO RIVAS HURTADO. Así mismo manifestaron los herederos los señores ROSA EUGENIA RIVAS HURTADO por sus propios derechos y en representación de los señores ALEJANDRO RIVAS HURTADO y CARLOS ALBERTO RIVAS IBARGUEN HURTADO quien también se ostenta como CARLOS ALBERTO RIVAS HURTADO, SERGIO ENRIQUE RIVAS HURTADO, MARICELA RIVAS HURTADO, MANUEL RIVAS HURTADO, MARIO RIVAS HURTADO y JOSÉ ANTONIO RIVAS HURTADO, quienes aceptan la herencia y es último además se le confiere el cargo como Albacea, agregando que procederá en consecuencia a formular el INVENTARIO Y AVALÚO de los bienes. Lo que se publica por 02 dos veces, con intervalo de 10 diez días en el Periódico El Porvenir, de esta ciudad para los efectos del artículo 882 del Código de Procedimientos Civiles vigente en el Estado.

Monterrey, Nuevo León, a 28 de Mayo del 2025

LIC. RODOLFO GILBERTO VILLARREAL LEAL
NOTARIO PÚBLICO NO. 48
VILR-740530-D10
(6 y 16)
AVISO NOTARIAL

El día (27) veintisiete) de Mayo de 2025 (dos mil veinticinco), Yo, Licenciado JOSÉ ALEJANDRO TREVIÑO CANO, Notario Público Titular de la Notaría Pública número 98 (noventa y ocho), hago constar que en esta Notaría Pública, se está llevando a cabo el Procedimiento Sucesorio Extrajudicial de Intestado a bienes de la señora CONSUELO VERÓNICA GARZA ZERTUCHE, asimismo, manifestaron los comparecientes ARTURO BONIFACIO DE LA GARZA GARZA Y VERÓNICA DE LA GARZA GARZA quienes se ostentan el carácter de presuntos herederos y el primero de ellos como albacea de la sucesión, exhibiéndome el Acta de Defunción de la autora; así mismo acepta el cargo conferido. Lo anterior, de conformidad con el artículo 882 de Código de Procedimientos Civiles vigente en el Estado, deberá publicarse por 2 (dos) veces de 10 (diez) en 10 (diez) días en el Periódico El Porvenir que se edita en la Ciudad de Monterrey, Nuevo León. DOY FE.

San Pedro Garza García, Nuevo León, a la fecha de su presentación

LIC. JOSÉ ALEJANDRO TREVIÑO CANO
NOTARIO PÚBLICO N.98
RFC: TECA-830831-225
(6 y 16)
EDICTO

Con fecha 20 (veinte) días de mayo de 2025 (dos mil veinticinco), y mediante Escritura Pública número 34,498 (TREINTA Y CUATRO MIL CUATROCIENTOS CUARENTA Y OCHO), en la Notaría a mi cargo, se inició el JUICIO SUCESORIO INTESTADO a bienes del señor EDGAR GUERRERO DE MATA, quien falleció el día 21 (veintiuno) de agosto de 2013 (dos mil trece), expresando la señora YESENIA CAROLINA GUERRERO OLIVA, que acepta la herencia, como así el cargo de Albacea asumida, debiendo efectuar dos publicaciones que se harán de 10 (diez) en 10 (diez), en el Periódico EL PORVENIR, que se edita en esta Ciudad, para los efectos legales a que hubiere lugar. Lo anterior de conformidad con los artículos 881 y 882 del Código de Procedimientos Civiles vigente en el Estado.

Monterrey, N.L., a 30 de mayo de 2025.

LIC. FRANCISCO JAVIER MATA ROJAS
NOTARIO PÚBLICO NÚMERO 49
MARF-670817-RK0
(6 y 16)
EDICTO

En fecha 21 de mayo de 2025, radiqué en esta notaría a mi cargo LA SUCESIÓN TESTAMENTARIA A BIENES del señor ENRIQUE ZUÑIGA NARANJO y LA SUCESIÓN INTESTAMENTARIA A BIENES de la señora MARIA EDUWIGES AVITIA GONZALEZ también conocida como MARIA EDUWIGIS AVITIA GONZALEZ también conocida como MARIA EDUWIGES AVITIA DE ZUÑIGA y también conocida como EDUWIGES AVITIA GONZALEZ también conocida como EDUWIGES AVITIA DE ZUÑIGA también conocida como MARIA EDUWIGES AVITIA GONZALEZ, los denunciantes, me presentaron la documentación requerida por el artículo 881, 882 y relativos del Código de Procedimientos Civiles vigente en el Estado de Nuevo León, en tal virtud se hacen de su conocimiento las declaraciones, en el sentido de que los denunciantes que aceptan como herederos y albacea, y procederán a formular los proyectos de inventario y avalúo y partición y adjudicación de los bienes, convocándose a quienes se crean con derecho a la herencia a deducirlo conforme a derecho.

Monterrey, N.L., a 26 de mayo de 2025.

LIC. EVERARDO ALANÍS GUERRA
NOTARIO PÚBLICO No. 96
PRIMER DISTRITO
AAGE-650222-269
(6 y 16)
AVISO NOTARIAL

De conformidad con el Artículo 882 del Código de Procedimientos Civiles vigente en el Estado, se publica por este medio la Sucesión Legítima Acumulada a Bienes de la señora PAULA ALVARADO DEL RIO, habiéndose presentado ante la fe del Suscrito Notario, mediante Acta Fuera de Protocolo número 031/78/25, los CC. RICARDO FAVELA ALVARADO, TERESA FABELA ALVARADO y SERGIO OCTAVIANO FAVELA ALVARADO en su carácter de herederos y el último de ellos además en su carácter de Albacea, quienes manifestaron su aceptación. Por lo que se convoca a los que se crean con derecho a la herencia, se presenten en el domicilio de la Notaría Pública número 31, sito en calle Roma 602, Colonia Mirador Monterrey, Nuevo León.

Monterrey, N.L., a 30 de mayo de 2025

LIC. ANDRÉS MARTÍNEZ SALINAS
NOTARIO PÚBLICO NÚMERO 31
MASA890406QN3
2 PUBLICACIONES DE 10 EN 10 DÍAS EN EL PERIÓDICO "EL PORVENIR".
(6 y 16)
EDICTO

A LOS CIUDADANOS ARMANDO VAZQUEZ MARTÍNEZ Y PATRICIA MENDOZA QUIROZ CON DOMICILIO: IGNORADO.

En cumplimiento al auto de fecha 31 treinta y uno de mayo del año 2023 dos mil veintitrés, se ordenó en este Juzgado Segundo de lo Familiar del Primer Distrito Judicial en el Estado bajo el expediente 336/2023, relativo a las a las Diligencias de Jurisdicción Voluntaria sobre Declaración de Presunción de Muerte, que promueve por derecho propio Astrid Azeneth Vázquez Mendoza, ordenándose citar a Armando Vázquez Martínez y Patricia Mendoza Quiroz, por medio de edictos que se publicarán por 02-dos ocasiones consecutivas mediando entre ellas un plazo de 15-quince días, y sin que genere costo alguno para la promovente, tanto en el Periódico Oficial del Estado, en el Boletín Judicial (emitido por el Tribunal Superior de Justicia del Estado), como en las páginas electrónicas del Poder Judicial, de las dependencias del Poder Ejecutivo (Comisión Estatal Ejecutiva de atención a víctimas) y de la Comisión Estatal de Derechos Humanos, lo anterior para hacer saber a los presuntos ausentes la tramitación del presente procedimiento, y en su caso se presenten en el local de este Juzgado, sito en el séptimo piso del edificio Valli Reni, ubicado en la calle Escobedo 519 cruz con Allende, 6 Piso, Centro de Monterrey, en un plazo no mayor de 30-treinta días hábiles, contados a partir de la última publicación, ello con fundamento en el artículo 15 de la mencionada Ley que Regula el Procedimiento de Emisión de la Declaración de Ausencia por Desaparición en el Estado de Nuevo León, así como en lo previsto en los numerales 69, 70, 72 y 75 de la Ley de Víctimas del Estado de Nuevo León. Doy fe.

Monterrey, Nuevo León, a 10 de julio de 2024.

LIC. LUIS FERNANDO SÁNCHEZ TREVIÑO
CIUDADANO SECRETARIO ADSCRITO AL JUZGADO SEGUNDO FAMILIAR DEL PRIMER DISTRITO JUDICIAL EN EL ESTADO
(6 y 16)
PUBLICACIÓN NOTARIAL

Para los efectos de los Artículos 881 ochocientos ochenta y uno y 882 ochocientos ochenta y dos del Código de Procedimientos Civiles vigente en el Estado, hago saber que en esta Notaría, con fecha 19 diecinueve del mes de Julio del año 2024, se inició en la Notaría a mi cargo, la tramitación extrajudicial, del PROCEDIMIENTO HEREDITARIO ADMINISTRATIVO DE INTESTADO ANTE NOTARIO PÚBLICO A BIENES DEL SEÑOR RAFAEL MARTÍNEZ MARTÍNEZ, denunciado por los señores LETICIA MARTÍNEZ SÁNCHEZ, ESTHELA MARTÍNEZ SÁNCHEZ, ALICIA MARTÍNEZ SÁNCHEZ, MARÍA ELENA MARTÍNEZ SÁNCHEZ, JAVIER MARTÍNEZ SÁNCHEZ, FERNANDO MARTÍNEZ SÁNCHEZ, SAMUEL MARTÍNEZ SÁNCHEZ, RICARDO MARTÍNEZ SÁNCHEZ y comparecer por ausencia del finado señor RAFAEL MARTÍNEZ SÁNCHEZ sus hijas las señoras CLAUDIA JEANNETH MARTÍNEZ MORENO Y MERIEL MARTÍNEZ MORENO, como ÚNICOS Y UNIVERSALES HEREDEROS Y SAMUEL MARTÍNEZ SÁNCHEZ como Albacea, reconocen sus derechos hereditarios y aceptan la herencia, manifestando que procederán a formular el inventario correspondiente. Este aviso se publicará en dos ocasiones con intervalo de diez días en el Periódico El Porvenir.

San Pedro Garza García, N.L., a 30 de Mayo del 2025.

LIC. VÍCTOR MANUEL MARTÍNEZ MORALES
NOTARIO PÚBLICO NÚMERO 108
MAMV-680824-DT6
(6 y 16)
EDICTO

Con fecha (09) nueve de Abril de (2025) dos mil veinticinco, de conformidad con los artículos (881) ochocientos ochenta y uno y (882) ochocientos ochenta y dos del Código de Procedimientos Civiles vigente en el Estado de Nuevo León, se INICIÓ en esta Notaría a mi cargo, mediante Escritura Pública número (2,443) dos mil cuatrocientos cuarenta y tres, el Procedimiento Extrajudicial de la Sucesión Intestada a bienes de la señora María Magdalena Rueda García, compareciendo ante el suscrito Notario, los señores HÉCTOR EDUARDO LOZANO CEPEDA, ROBERTA LOZANO RUEDA y el señor HÉCTOR EDUARDO LOZANO RUEDA, éste último compareciendo por sus propios derechos y además, en representación de su señora LORENA LOZANO RUEDA, exhibiéndome para tal efecto, el Acta de Defunción correspondiente de la Autora de la Sucesión. Lo anterior se publica en esta forma y en dos ocasiones con intervalo de (10) diez en (10) diez días en el periódico EL PORVENIR que se edita en esta Ciudad en cumplimiento a lo establecido en el segundo párrafo del artículo 882 del Código de Procedimientos Civiles vigente en Nuevo León.

Monterrey, Nuevo León, 09 de Abril del 2025.

LIC. FERNANDO RODRÍGUEZ CAMELO
NOTARIO PÚBLICO 140
ROCF-7803174-H5
(6 y 16)
EDICTO

En fecha (26) veintiséis del mes de mayo del año 2025 dos mil veinticinco, en la Notaría a mi cargo, mediante el Acta Fuera de Protocolo número (100/244,777/2025), SUCESIÓN INTESTAMENTARIA ACUMULADA NOTARIAL A BIENES DE LA SEÑORA MARÍA REYES ENCINIA SOTO, QUIEN EN DISTINTOS ACTOS DE SU VIDA SE OSTENTÓ CON LOS NOMBRES DE MARÍA REYNA ENCINIA SOTO Y/O REYNA ENCINIA SOTO, (AHORA FINADA), LA SEÑORA MARÍA ANTONIA ENCINIA SOTO, QUIEN EN DISTINTOS ACTOS DE SU VIDA SE OSTENTÓ CON EL NOMBRE DE ANTONIA ENCINIA SOTO (AHORA FINADA) Y LA SEÑORA MA. TOMASA ENCINIA SOTO (AHORA FINADA), habiéndose presentado ante el Suscrito a denunciar dicho Juicio como Único y Universal Heredero y Albacea el señor MARTÍN CAVAZOS ENCINIA, de la sucesión la autora de la sucesión. Lo anterior se publica mediante este aviso por dos ocasiones de (10) diez en (10) diez días, en cumplimiento a lo dispuesto en el (6) segundo párrafo del artículo (882) ochocientos ochenta y dos del Código de Procedimientos Civiles del Estado, convocándose a las personas que se consideren con derecho a la herencia, para que acudan a deducirlo dentro del término de (30) treinta días contados a partir de la publicación de este aviso.

ATENTAMENTE

LICENCIADO MANUEL VILLALÓN SALAZAR
NOTARIO PÚBLICO NÚMERO 100
VISM-530228-TW2
SÉPTIMO DISTRITO
(6 y 16)
EDICTO

En fecha (19) diecinueve del mes de Mayo del año 2025 dos mil veinticinco, se radicó ante esta Notaría a mi cargo, mediante el Acta Fuera de Protocolo número (100/244,645/25), la SUCESIÓN INTESTAMENTARIA NOTARIAL A BIENES DEL SEÑOR JOSÉ CARMEN GONZÁLEZ RAMOS (finado), habiéndose presentado ante el Suscrito a denunciar dicho Juicio a los señores JOSÉ CARMEN GONZÁLEZ POSADA, MIGUEL GONZÁLEZ POSADA, JOSÉ RAMIRO GONZÁLEZ POSADA, JOSÉ ÁNGEL GONZÁLEZ POSADA, TERESO GONZÁLEZ POSADA, RAÚL GONZÁLEZ POSADA y GALECIO GONZÁLEZ POSADA, en su carácter de hijos legítimos, y con el carácter de Albacea al señor TERESO GONZÁLEZ POSADA, del autor de la sucesión. Lo anterior se publica mediante este aviso por dos ocasiones de (10) diez en (10) diez días, en cumplimiento a lo dispuesto en el (6) segundo párrafo del artículo (882) ochocientos ochenta y dos del Código de Procedimientos Civiles del Estado, convocándose a las personas que se consideren con derecho a la herencia, para que acudan a deducirlo dentro del término de 30-treinta días contados a partir de la publicación de este aviso.

ATENTAMENTE

LICENCIADO MANUEL VILLALÓN SALAZAR
NOTARIO PÚBLICO NÚMERO 100
VISM-530228-TW2
SÉPTIMO DISTRITO
(6 y 16)
